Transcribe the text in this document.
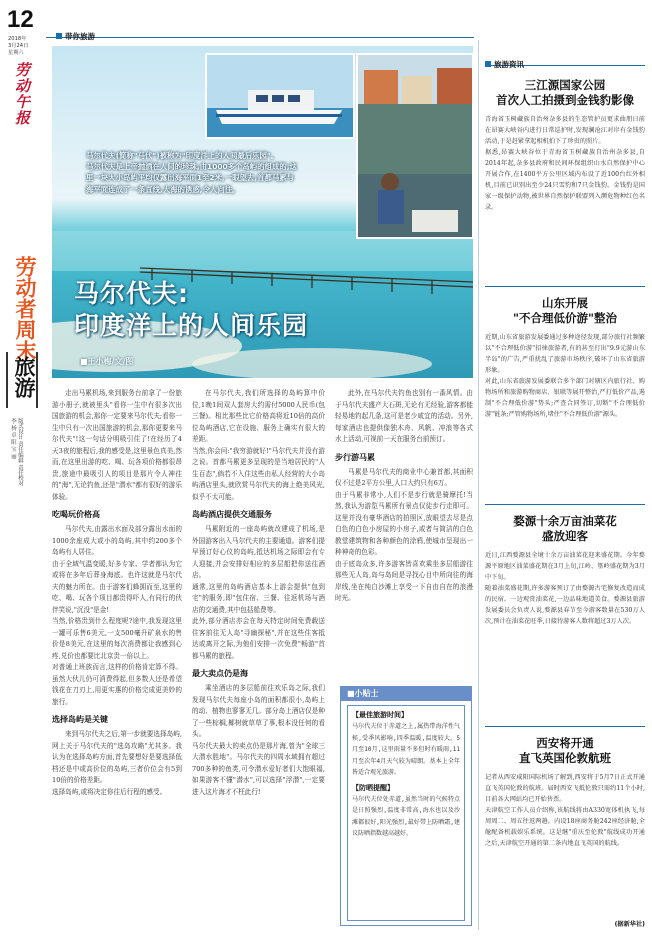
12
2018年
3月24日
星期六
劳动午报
劳动者周末
旅游
版式设计 责任编辑 责任校对
李 杨 卓 阳 宝 丽
带你旅游
旅游资讯
马尔代夫(简称"马代")被称为"印度洋上的人间最后乐园"。
马尔代夫是上帝抛洒在人间的珍珠,由1000多个岛屿的组成的,这里一块大小岛屿平均仅露出海平面1至2米,一眼望去,首都马累与海平面连成了一条直线,大海的诱惑,令人向往。
马尔代夫:
印度洋上的人间乐园
■王小梅/文/图
走出马累机场,来到服务台前拿了一份旅游小册子,就被里头"看你一生中有很多次出国旅游的机会,那你一定要来马尔代夫;看你一生中只有一次出国旅游的机会,那你更要来马尔代夫"!这一句话分明吸引住了!在经历了4天3夜的旅程后,我的感受是,这里景色真美,然而,在这里出游的吃、喝、玩各项价格都很昂贵,旅途中最吸引人的项目是那片令人神往的"海",无论钓鱼,还是"潜水"都有很好的游乐体验。
吃喝玩价格高
马尔代夫,由露出水面及部分露出水面的1000余座成大或小的岛屿,其中约200多个岛屿有人居住。
由于全域气温变暖,好多专家、学者都认为它或将在多年后葬身海底。也许这就是马尔代夫的魅力所在。由于游客们蜂拥而至,这里的吃、喝、玩各个项目都贵得吓人,有同行的伙伴笑说,"沉没"是金!
当然,价格贵到什么程度呢?途中,我发现这里一罐可乐售6美元,一支500毫升矿泉水的售价是8美元,在这里的每次消费都让我感到心疼,兑价也都要比北京贵一倍以上。
对普通上班族而言,这样的价格肯定算不得。虽然大伙儿仍可消费得起,但多数人还是希望钱花在刀刃上,用更实惠的价格完成更美妙的旅行。
选择岛屿是关键
来到马尔代夫之后,第一步就要选择岛屿,网上关于马尔代夫的"选岛攻略"尤其多。我认为在选择岛屿方面,首先要想好是要选择低档还是中或高价位的岛屿,三者价位会有5到10倍的价格差距。
选择岛屿,或将决定你往后行程的感受。
在马尔代夫,我们所选择的岛屿算中价位,1晚1间双人套房大约需付5000人民币(包三餐)。相比那些比它价格高将近10倍的高价位岛屿酒店,它在设施、服务上确实有很大的差距。
当然,你会问:"我穷游就好!"马尔代夫并没有游之说。首都马累更多呈现的是当地居民的"人生百态",倘若不入住这些由私人经营的大小岛屿酒店里头,就欣赏马尔代夫的海上绝美风光,似乎不太可能。
岛屿酒店提供交通服务
马累附近的一座岛屿就改建成了机场,是外国游客出入马尔代夫的主要通道。游客们提早预订好心仪的岛屿,抵达机场之际即会有专人迎接,并会安排好相应的多层船把你送往酒店。
通常,这里的岛屿酒店基本上游会提供"包到宅"的服务,即"包住宿、三餐、往返机场与酒店的交通费,其中包括船费等。
此外,部分酒店亦会在每天特定时间免费载送住客前往无人岛"寻幽探秘",并在这些住客抵达或离开之际,为他们安排一次免费"畅游"首都马累的旅程。
最大卖点仍是海
乘坐酒店的多层船前往欢乐岛之际,我们发现马尔代夫每座小岛的面积都很小,岛屿上的动、植物也寥寥无几。部分岛上酒店仅是种了一些棕榈,椰树就草草了事,根本没任何的看头。
马尔代夫最大的卖点仍是那片海,曾为"全球三大潜水胜地"。马尔代夫的四周水域拥有超过700多种的鱼类,可令潜水爱好者们大饱眼福,如果游客不懂"潜水",可以选择"浮潜",一定要进入这片海才不枉此行!
此外,在马尔代夫钓鱼也别有一番风情。由于马尔代夫盛产大石斑,无论有无经验,游客都能轻易地钓起几条,这可是老少咸宜的活动。另外,每家酒店也提供像独木舟、风帆、冲浪等各式水上活动,可视前一天在服务台前预订。
步行游马累
马累是马尔代夫的商业中心兼首都,其面积仅不过是2平方公里,人口大约只有6万。
由于马累非常小,人们不是步行就是骑摩托!当然,我认为游览马累所有景点仅徒步行走即可。这里并没有豪华酒店的拍照区,放眼望去尽是点白色的白色小房屋的小房子,或者与简洁的白色教堂建筑物和各种颜色的涂鸦,使城市呈现出一种神奇的色彩。
由于底岛众多,许多游客皆喜欢乘坐多层船游往那些无人岛,岛与岛间是寻找心目中所向往的海岸线,坐在纯白沙滩上享受一下自由自在的浪漫时光。
■小贴士
【最佳旅游时间】
马尔代夫位于赤道之上,属热带海洋性气候,受季风影响,四季温暖,温度较大。5月至10月,这里雨量不多但时有暖雨,11月至次年4月天气较为晴朗。基本上全年皆适合观光旅游。
【防晒提醒】
马尔代夫位处赤道,虽然当时的气候特点是日照强烈,温度非常高,海水也以及沙滩都很好,阳光强烈,最好带上防晒霜,建议防晒指数越高越好。
三江源国家公园
首次人工拍摄到金钱豹影像
青海省玉树藏族自治州杂多县的生态管护员更求曲朋日前在昂赛大峡谷内进行日常巡护时,发现澜沧江对岸有金钱豹活动,于是赶紧拿起相机拍下了珍贵的照片。
据悉,昂赛大峡谷位于青海省玉树藏族自治州杂多县,自2014年起,杂多县政府和民间环保组织山水自然保护中心开展合作,在1400平方公里区域内布设了近100台红外相机,目前已识别出至少24只雪豹和7只金钱豹。金钱豹是国家一级保护动物,被世界自然保护联盟列入濒危物种红色名录。
山东开展
"不合理低价游"整治
近期,山东省旅游发展委通过多种途径发现,部分旅行社频繁以"不合理低价游"招徕旅游者,有的甚至打出"9.9元游山东半岛"的广告,严重扰乱了旅游市场秩序,破坏了山东省旅游形象。
对此,山东省旅游发展委联合多个部门对辖区内旅行社、购物场所和旅游购物商店、银联等展开整治,严打低价产品,遏制"不合理低价游"势头;严查合同签订,切断"不合理低价游"链条;严管购物场所,堵住"不合理低价游"源头。
婺源十余万亩油菜花
盛放迎客
近日,江西婺源县全境十余万亩油菜花迎来盛花期。今年婺源平原地区油菜盛花期在3月上旬,江岭、篁岭盛花期为3月中下旬。
随着油菜盛花期,许多游客预订了由婺源古宅修复改造而成的民宿。一边观赏油菜花,一边品味地道美食。婺源县旅游发展委员会负责人说,婺源县春节至今游客数量在530万人次,预计在油菜花旺季,日接待游客人数将超过3万人次。
西安将开通
直飞英国伦敦航班
记者从西安咸阳国际机场了解到,西安将于5月7日正式开通直飞英国伦敦的航班。届时西安飞抵伦敦只需约11个小时,目前各大网站均已开始售票。
天津航空工作人员介绍称,该航线将由A330宽体机执飞,每周周二、周五往返两趟。内设18座商务舱242座经济舱,全舱配备机载娱乐系统。这是继"重庆至伦敦"航线成功开通之后,天津航空开通的第二条内地直飞英国的航线。
(据新华社)
